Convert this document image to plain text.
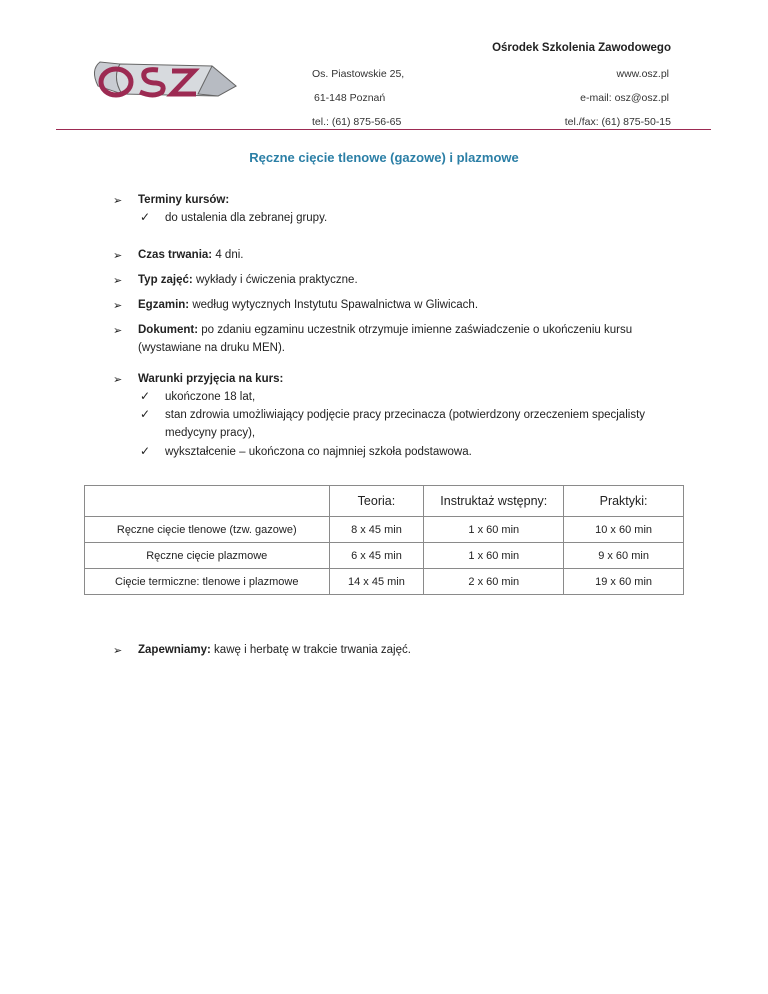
Ośrodek Szkolenia Zawodowego
Os. Piastowskie 25,
61-148 Poznań
tel.: (61) 875-56-65
www.osz.pl
e-mail: osz@osz.pl
tel./fax: (61) 875-50-15
Ręczne cięcie tlenowe (gazowe) i plazmowe
➢ Terminy kursów:
✓ do ustalenia dla zebranej grupy.
➢ Czas trwania: 4 dni.
➢ Typ zajęć: wykłady i ćwiczenia praktyczne.
➢ Egzamin: według wytycznych Instytutu Spawalnictwa w Gliwicach.
➢ Dokument: po zdaniu egzaminu uczestnik otrzymuje imienne zaświadczenie o ukończeniu kursu
(wystawiane na druku MEN).
➢ Warunki przyjęcia na kurs:
✓ ukończone 18 lat,
✓ stan zdrowia umożliwiający podjęcie pracy przecinacza (potwierdzony orzeczeniem specjalisty
medycyny pracy),
✓ wykształcenie – ukończona co najmniej szkoła podstawowa.
	Teoria:	Instruktaż wstępny:	Praktyki:
Ręczne cięcie tlenowe (tzw. gazowe)	8 x 45 min	1 x 60 min	10 x 60 min
Ręczne cięcie plazmowe	6 x 45 min	1 x 60 min	9 x 60 min
Cięcie termiczne: tlenowe i plazmowe	14 x 45 min	2 x 60 min	19 x 60 min
➢ Zapewniamy: kawę i herbatę w trakcie trwania zajęć.
